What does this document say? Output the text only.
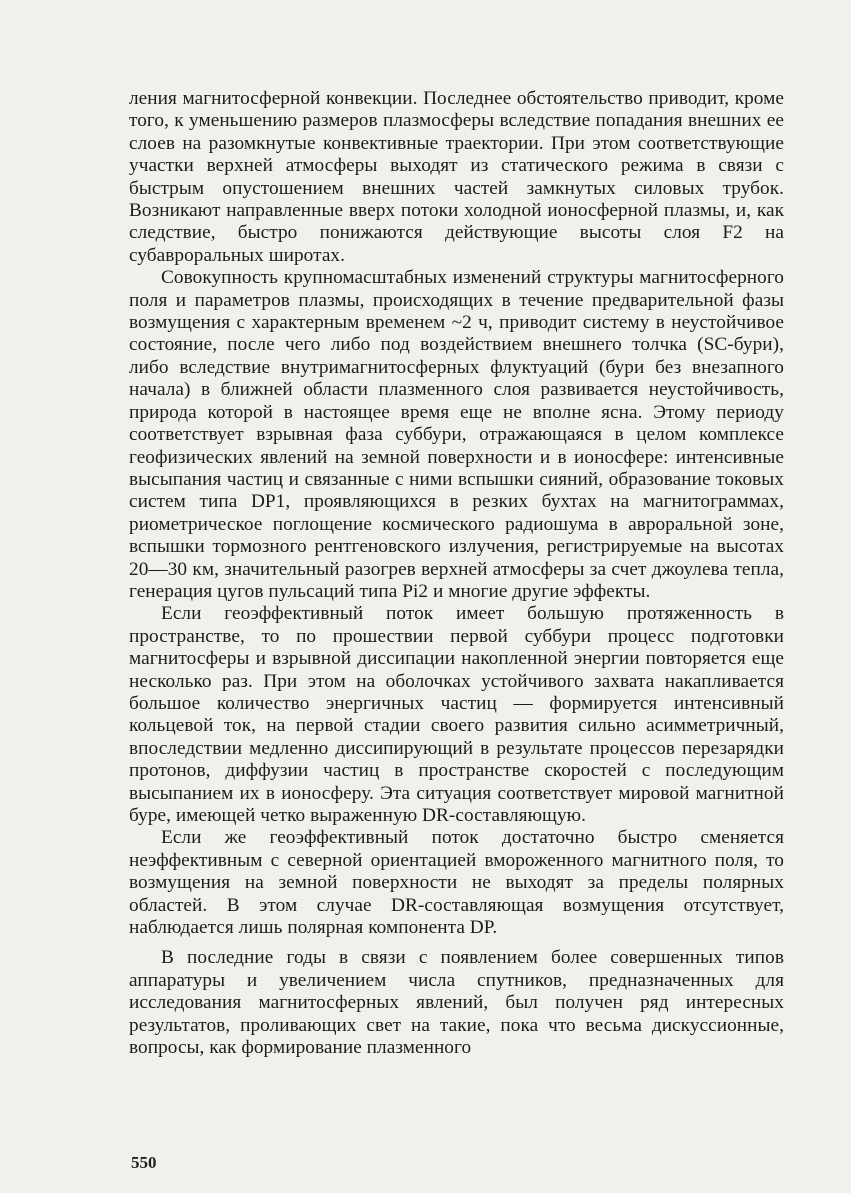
ления магнитосферной конвекции. Последнее обстоятельство приводит, кроме того, к уменьшению размеров плазмосферы вследствие попадания внешних ее слоев на разомкнутые конвективные траектории. При этом соответствующие участки верхней атмосферы выходят из статического режима в связи с быстрым опустошением внешних частей замкнутых силовых трубок. Возникают направленные вверх потоки холодной ионосферной плазмы, и, как следствие, быстро понижаются действующие высоты слоя F2 на субавроральных широтах.

Совокупность крупномасштабных изменений структуры магнитосферного поля и параметров плазмы, происходящих в течение предварительной фазы возмущения с характерным временем ~2 ч, приводит систему в неустойчивое состояние, после чего либо под воздействием внешнего толчка (SC-бури), либо вследствие внутримагнитосферных флуктуаций (бури без внезапного начала) в ближней области плазменного слоя развивается неустойчивость, природа которой в настоящее время еще не вполне ясна. Этому периоду соответствует взрывная фаза суббури, отражающаяся в целом комплексе геофизических явлений на земной поверхности и в ионосфере: интенсивные высыпания частиц и связанные с ними вспышки сияний, образование токовых систем типа DP1, проявляющихся в резких бухтах на магнитограммах, риометрическое поглощение космического радиошума в авроральной зоне, вспышки тормозного рентгеновского излучения, регистрируемые на высотах 20—30 км, значительный разогрев верхней атмосферы за счет джоулева тепла, генерация цугов пульсаций типа Pi2 и многие другие эффекты.

Если геоэффективный поток имеет большую протяженность в пространстве, то по прошествии первой суббури процесс подготовки магнитосферы и взрывной диссипации накопленной энергии повторяется еще несколько раз. При этом на оболочках устойчивого захвата накапливается большое количество энергичных частиц — формируется интенсивный кольцевой ток, на первой стадии своего развития сильно асимметричный, впоследствии медленно диссипирующий в результате процессов перезарядки протонов, диффузии частиц в пространстве скоростей с последующим высыпанием их в ионосферу. Эта ситуация соответствует мировой магнитной буре, имеющей четко выраженную DR-составляющую.

Если же геоэффективный поток достаточно быстро сменяется неэффективным с северной ориентацией вмороженного магнитного поля, то возмущения на земной поверхности не выходят за пределы полярных областей. В этом случае DR-составляющая возмущения отсутствует, наблюдается лишь полярная компонента DP.

В последние годы в связи с появлением более совершенных типов аппаратуры и увеличением числа спутников, предназначенных для исследования магнитосферных явлений, был получен ряд интересных результатов, проливающих свет на такие, пока что весьма дискуссионные, вопросы, как формирование плазменного

550
